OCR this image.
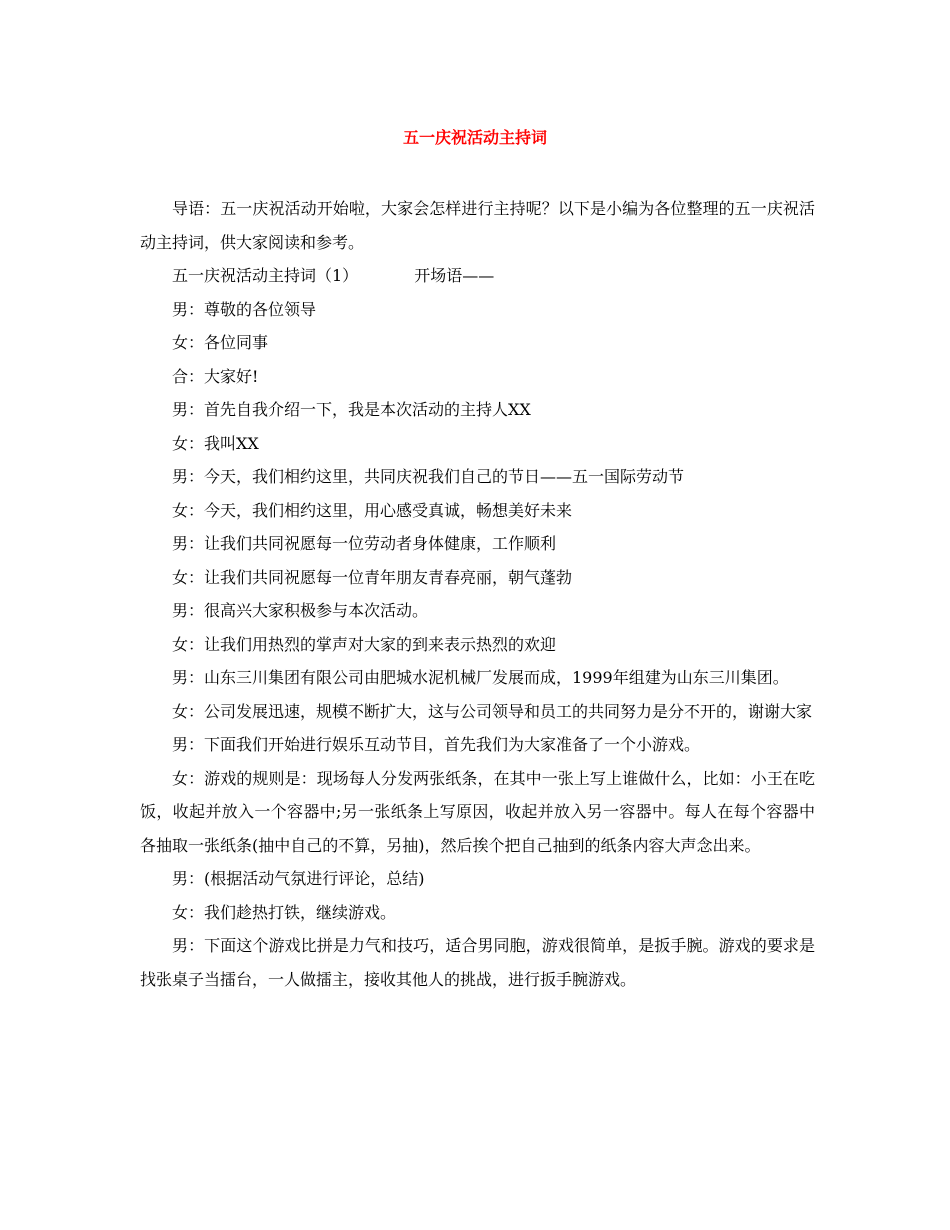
五一庆祝活动主持词

导语：五一庆祝活动开始啦，大家会怎样进行主持呢？以下是小编为各位整理的五一庆祝活动主持词，供大家阅读和参考。

五一庆祝活动主持词（1）	开场语——

男：尊敬的各位领导

女：各位同事

合：大家好!

男：首先自我介绍一下，我是本次活动的主持人XX

女：我叫XX

男：今天，我们相约这里，共同庆祝我们自己的节日——五一国际劳动节

女：今天，我们相约这里，用心感受真诚，畅想美好未来

男：让我们共同祝愿每一位劳动者身体健康，工作顺利

女：让我们共同祝愿每一位青年朋友青春亮丽，朝气蓬勃

男：很高兴大家积极参与本次活动。

女：让我们用热烈的掌声对大家的到来表示热烈的欢迎

男：山东三川集团有限公司由肥城水泥机械厂发展而成，1999年组建为山东三川集团。

女：公司发展迅速，规模不断扩大，这与公司领导和员工的共同努力是分不开的，谢谢大家

男：下面我们开始进行娱乐互动节目，首先我们为大家准备了一个小游戏。

女：游戏的规则是：现场每人分发两张纸条，在其中一张上写上谁做什么，比如：小王在吃饭，收起并放入一个容器中;另一张纸条上写原因，收起并放入另一容器中。每人在每个容器中各抽取一张纸条(抽中自己的不算，另抽)，然后挨个把自己抽到的纸条内容大声念出来。

男：(根据活动气氛进行评论，总结)

女：我们趁热打铁，继续游戏。

男：下面这个游戏比拼是力气和技巧，适合男同胞，游戏很简单，是扳手腕。游戏的要求是找张桌子当擂台，一人做擂主，接收其他人的挑战，进行扳手腕游戏。
